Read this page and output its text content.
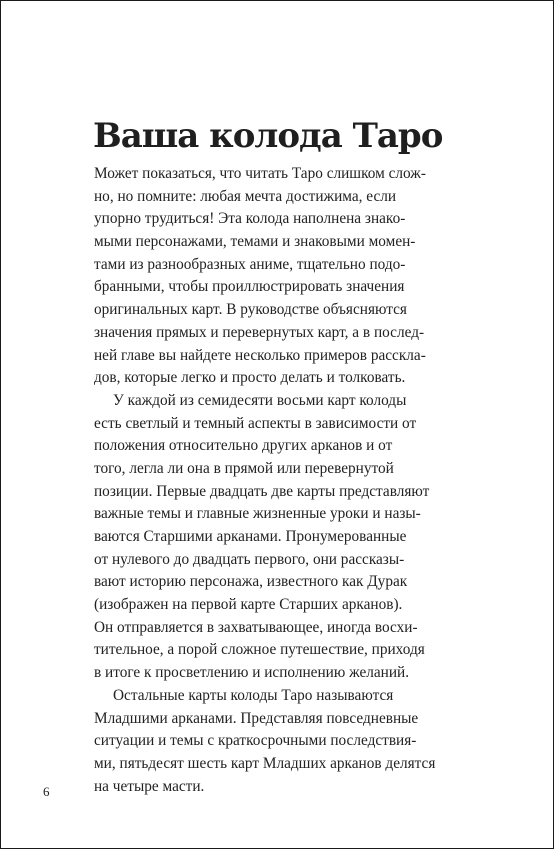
Ваша колода Таро
Может показаться, что читать Таро слишком слож-
но, но помните: любая мечта достижима, если
упорно трудиться! Эта колода наполнена знако-
мыми персонажами, темами и знаковыми момен-
тами из разнообразных аниме, тщательно подо-
бранными, чтобы проиллюстрировать значения
оригинальных карт. В руководстве объясняются
значения прямых и перевернутых карт, а в послед-
ней главе вы найдете несколько примеров расскла-
дов, которые легко и просто делать и толковать.
У каждой из семидесяти восьми карт колоды
есть светлый и темный аспекты в зависимости от
положения относительно других арканов и от
того, легла ли она в прямой или перевернутой
позиции. Первые двадцать две карты представляют
важные темы и главные жизненные уроки и назы-
ваются Старшими арканами. Пронумерованные
от нулевого до двадцать первого, они рассказы-
вают историю персонажа, известного как Дурак
(изображен на первой карте Старших арканов).
Он отправляется в захватывающее, иногда восхи-
тительное, а порой сложное путешествие, приходя
в итоге к просветлению и исполнению желаний.
Остальные карты колоды Таро называются
Младшими арканами. Представляя повседневные
ситуации и темы с краткосрочными последствия-
ми, пятьдесят шесть карт Младших арканов делятся
на четыре масти.
6
